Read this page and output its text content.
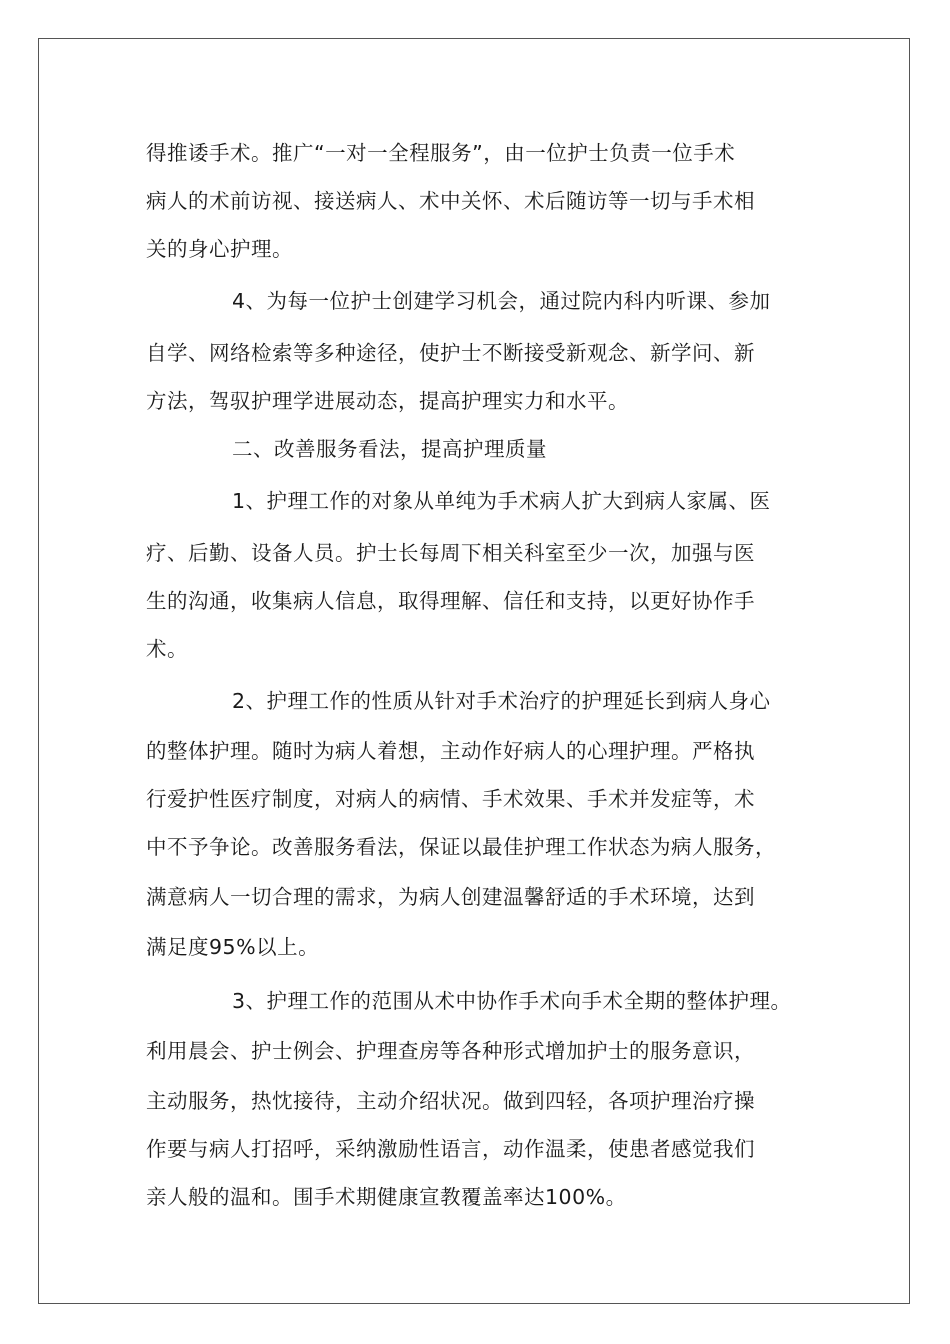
得推诿手术。推广“一对一全程服务”，由一位护士负责一位手术
病人的术前访视、接送病人、术中关怀、术后随访等一切与手术相
关的身心护理。
4、为每一位护士创建学习机会，通过院内科内听课、参加
自学、网络检索等多种途径，使护士不断接受新观念、新学问、新
方法，驾驭护理学进展动态，提高护理实力和水平。
二、改善服务看法，提高护理质量
1、护理工作的对象从单纯为手术病人扩大到病人家属、医
疗、后勤、设备人员。护士长每周下相关科室至少一次，加强与医
生的沟通，收集病人信息，取得理解、信任和支持，以更好协作手
术。
2、护理工作的性质从针对手术治疗的护理延长到病人身心
的整体护理。随时为病人着想，主动作好病人的心理护理。严格执
行爱护性医疗制度，对病人的病情、手术效果、手术并发症等，术
中不予争论。改善服务看法，保证以最佳护理工作状态为病人服务，
满意病人一切合理的需求，为病人创建温馨舒适的手术环境，达到
满足度95%以上。
3、护理工作的范围从术中协作手术向手术全期的整体护理。
利用晨会、护士例会、护理查房等各种形式增加护士的服务意识，
主动服务，热忱接待，主动介绍状况。做到四轻，各项护理治疗操
作要与病人打招呼，采纳激励性语言，动作温柔，使患者感觉我们
亲人般的温和。围手术期健康宣教覆盖率达100%。
